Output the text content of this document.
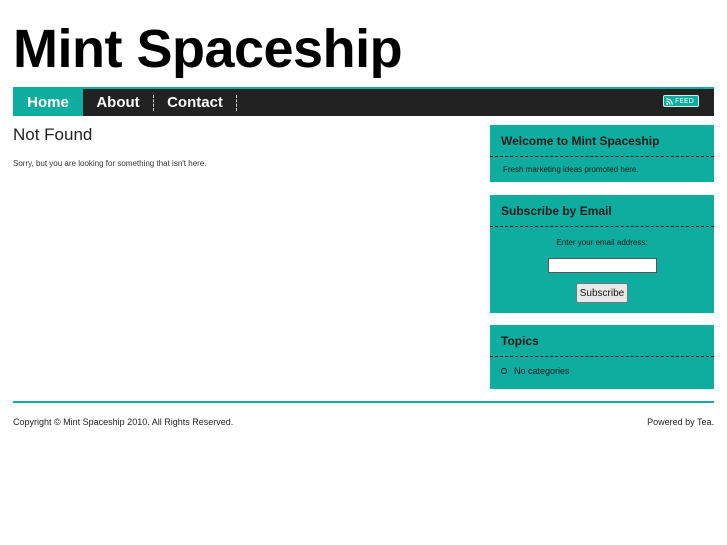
Mint Spaceship
Home	About	Contact	FEED
Not Found
Sorry, but you are looking for something that isn't here.
Welcome to Mint Spaceship
Fresh marketing ideas promoted here.
Subscribe by Email
Enter your email address:
Subscribe
Topics
No categories
Copyright © Mint Spaceship 2010. All Rights Reserved.	Powered by Tea.
